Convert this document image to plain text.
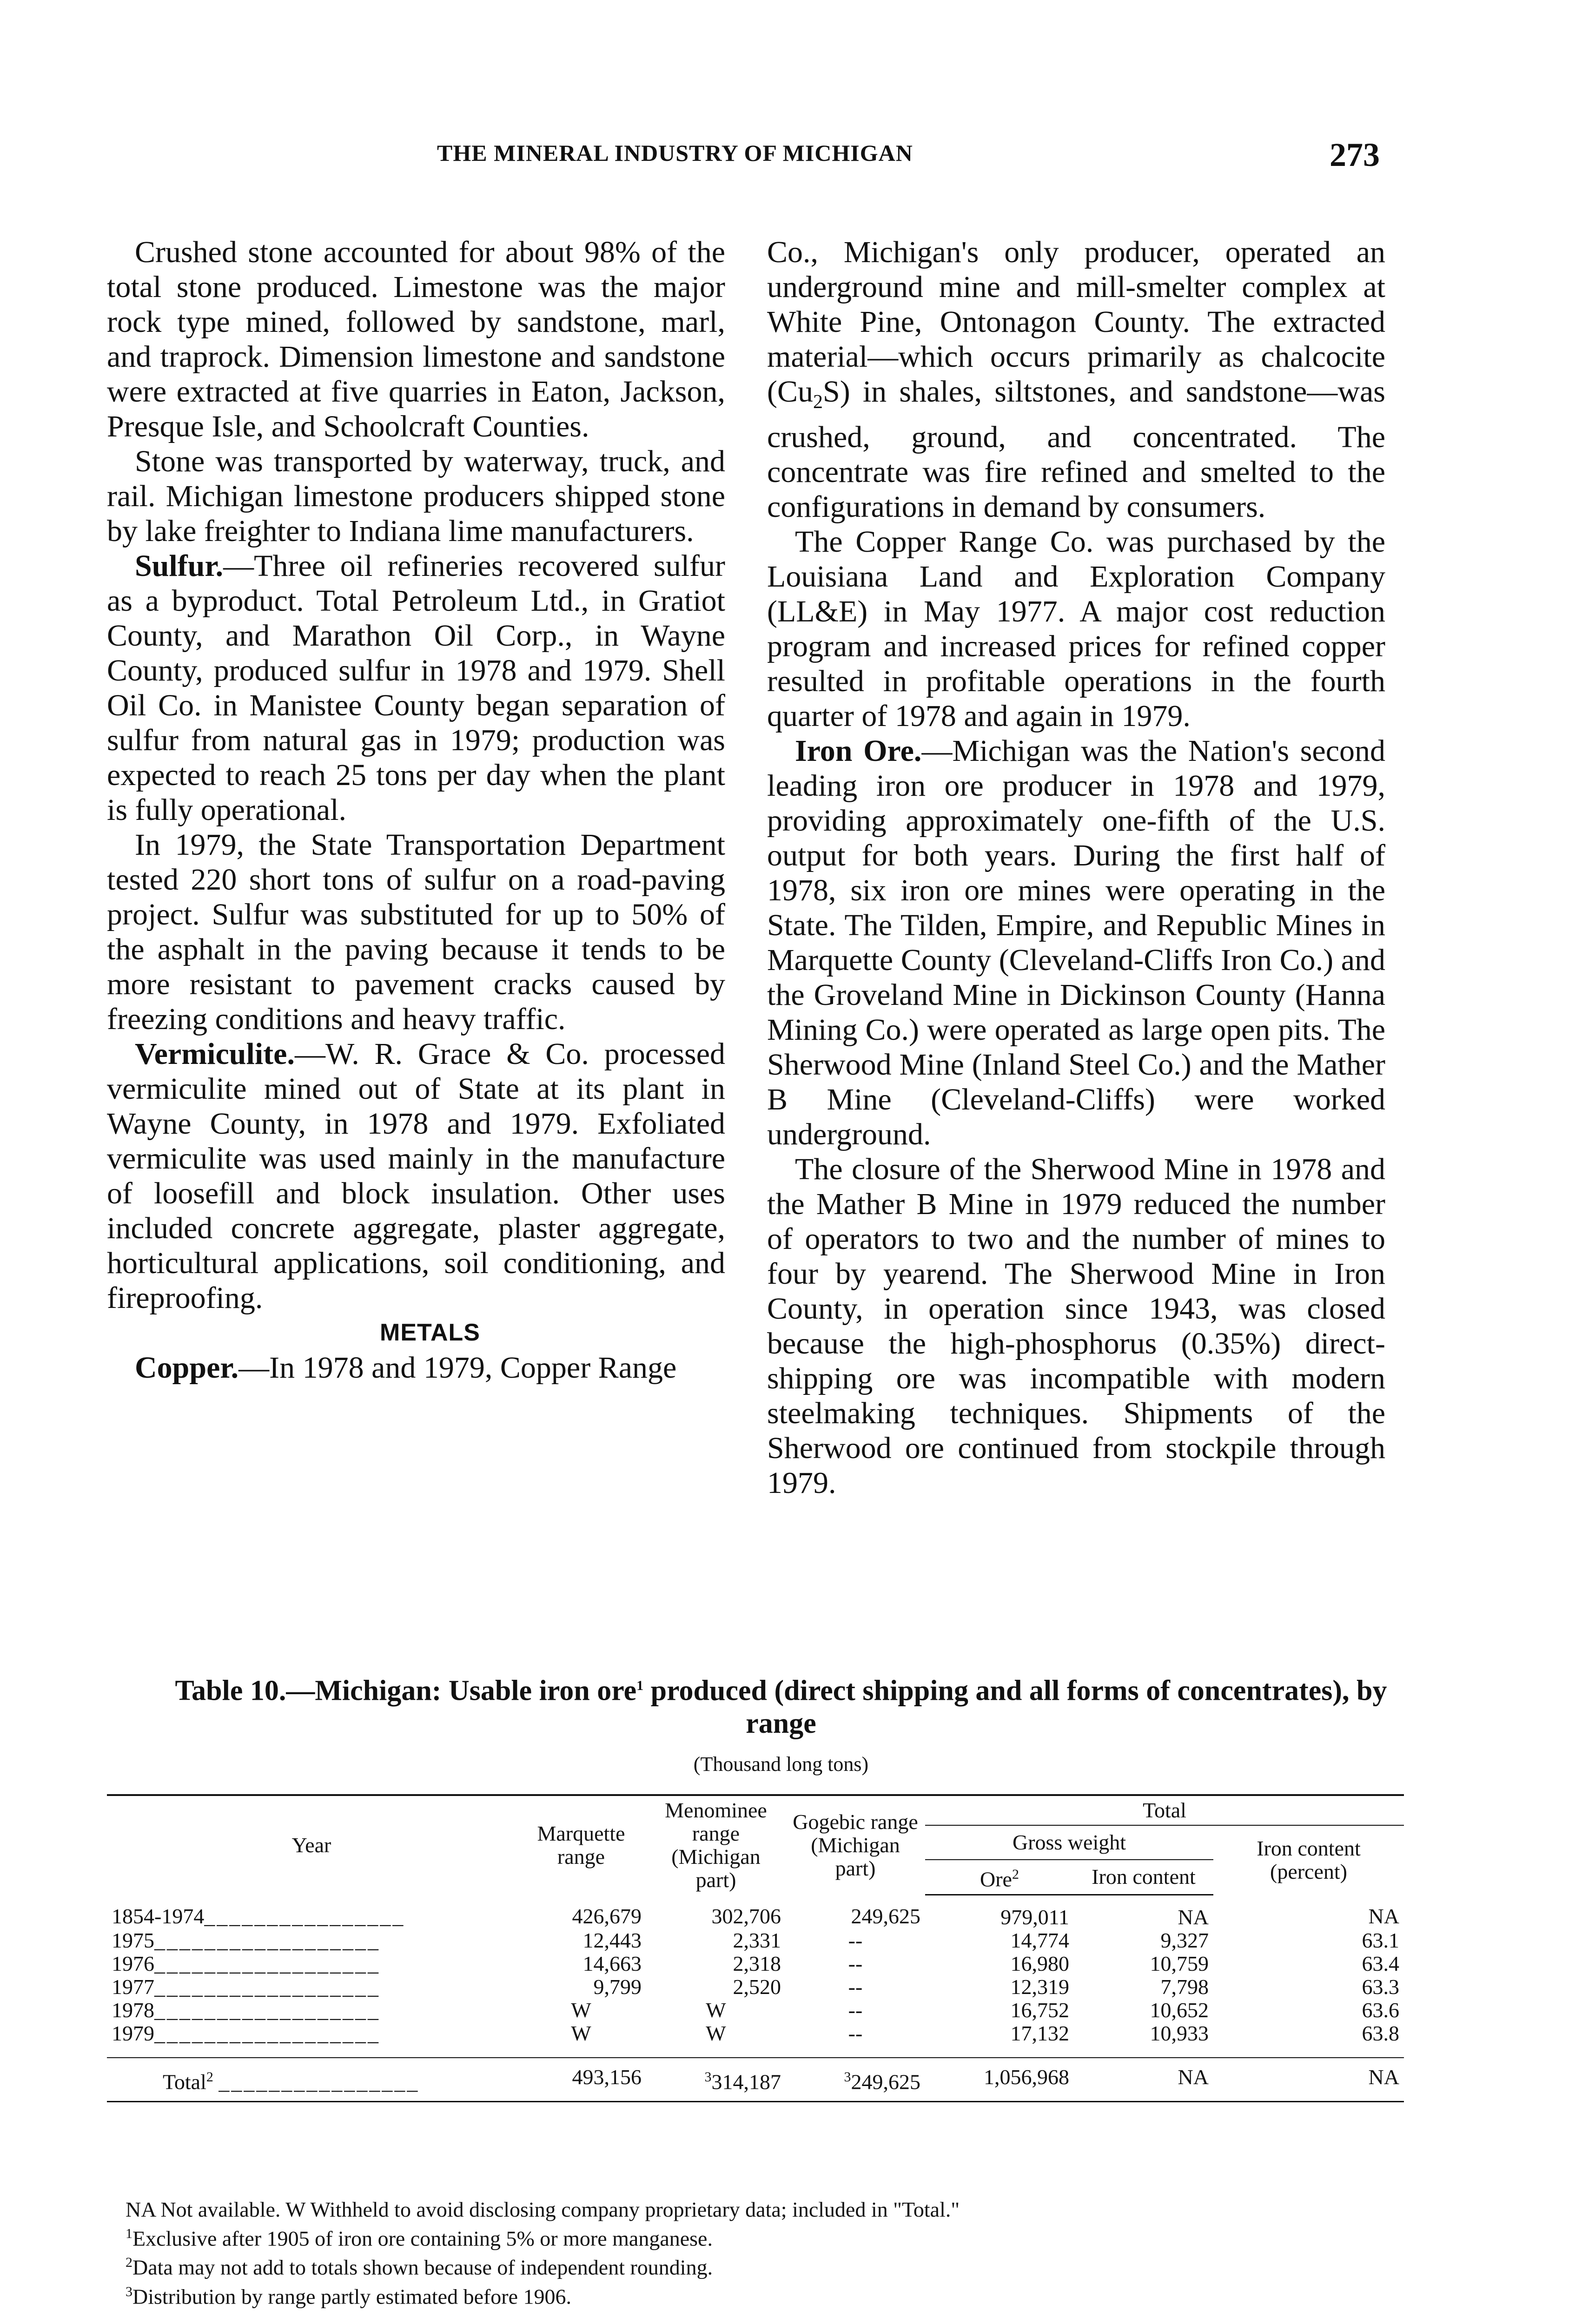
THE MINERAL INDUSTRY OF MICHIGAN	273

Crushed stone accounted for about 98% of the total stone produced. Limestone was the major rock type mined, followed by sandstone, marl, and traprock. Dimension limestone and sandstone were extracted at five quarries in Eaton, Jackson, Presque Isle, and Schoolcraft Counties.

Stone was transported by waterway, truck, and rail. Michigan limestone producers shipped stone by lake freighter to Indiana lime manufacturers.

Sulfur.—Three oil refineries recovered sulfur as a byproduct. Total Petroleum Ltd., in Gratiot County, and Marathon Oil Corp., in Wayne County, produced sulfur in 1978 and 1979. Shell Oil Co. in Manistee County began separation of sulfur from natural gas in 1979; production was expected to reach 25 tons per day when the plant is fully operational.

In 1979, the State Transportation Department tested 220 short tons of sulfur on a road-paving project. Sulfur was substituted for up to 50% of the asphalt in the paving because it tends to be more resistant to pavement cracks caused by freezing conditions and heavy traffic.

Vermiculite.—W. R. Grace & Co. processed vermiculite mined out of State at its plant in Wayne County, in 1978 and 1979. Exfoliated vermiculite was used mainly in the manufacture of loosefill and block insulation. Other uses included concrete aggregate, plaster aggregate, horticultural applications, soil conditioning, and fireproofing.

METALS

Copper.—In 1978 and 1979, Copper Range

Co., Michigan's only producer, operated an underground mine and mill-smelter complex at White Pine, Ontonagon County. The extracted material—which occurs primarily as chalcocite $(Cu_2S)$ in shales, siltstones, and sandstone—was crushed, ground, and concentrated. The concentrate was fire refined and smelted to the configurations in demand by consumers.

The Copper Range Co. was purchased by the Louisiana Land and Exploration Company (LL&E) in May 1977. A major cost reduction program and increased prices for refined copper resulted in profitable operations in the fourth quarter of 1978 and again in 1979.

Iron Ore.—Michigan was the Nation's second leading iron ore producer in 1978 and 1979, providing approximately one-fifth of the U.S. output for both years. During the first half of 1978, six iron ore mines were operating in the State. The Tilden, Empire, and Republic Mines in Marquette County (Cleveland-Cliffs Iron Co.) and the Groveland Mine in Dickinson County (Hanna Mining Co.) were operated as large open pits. The Sherwood Mine (Inland Steel Co.) and the Mather B Mine (Cleveland-Cliffs) were worked underground.

The closure of the Sherwood Mine in 1978 and the Mather B Mine in 1979 reduced the number of operators to two and the number of mines to four by yearend. The Sherwood Mine in Iron County, in operation since 1943, was closed because the high-phosphorus (0.35%) direct-shipping ore was incompatible with modern steelmaking techniques. Shipments of the Sherwood ore continued from stockpile through 1979.

Table 10.—Michigan: Usable iron ore$^1$ produced (direct shipping and all forms of concentrates), by range
(Thousand long tons)
Year	Marquette range	Menominee range (Michigan part)	Gogebic range (Michigan part)	Total		
				Gross weight		Iron content (percent)
				Ore$^2$	Iron content	
1854-1974________________	426,679	302,706	249,625	979,011	NA	NA
1975__________________	12,443	2,331	--	14,774	9,327	63.1
1976__________________	14,663	2,318	--	16,980	10,759	63.4
1977__________________	9,799	2,520	--	12,319	7,798	63.3
1978__________________	W	W	--	16,752	10,652	63.6
1979__________________	W	W	--	17,132	10,933	63.8
Total$^2$ ________________	493,156	$^3$314,187	$^3$249,625	1,056,968	NA	NA

NA Not available. W Withheld to avoid disclosing company proprietary data; included in "Total."

$^1$Exclusive after 1905 of iron ore containing 5% or more manganese.

$^2$Data may not add to totals shown because of independent rounding.

$^3$Distribution by range partly estimated before 1906.
